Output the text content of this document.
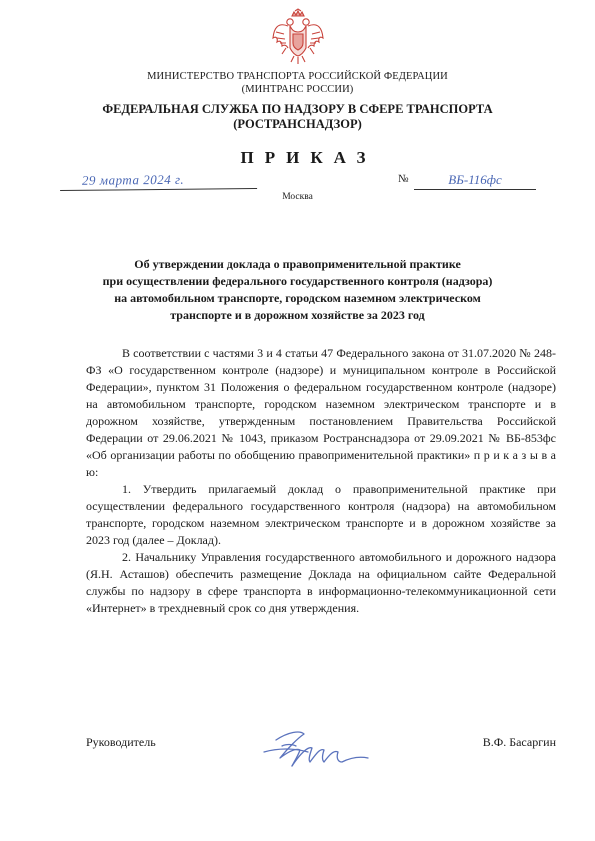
МИНИСТЕРСТВО ТРАНСПОРТА РОССИЙСКОЙ ФЕДЕРАЦИИ
(МИНТРАНС РОССИИ)
ФЕДЕРАЛЬНАЯ СЛУЖБА ПО НАДЗОРУ В СФЕРЕ ТРАНСПОРТА
(РОСТРАНСНАДЗОР)
ПРИКАЗ
29 марта 2024 г.	№	ВБ-116фс
Москва
Об утверждении доклада о правоприменительной практике
при осуществлении федерального государственного контроля (надзора)
на автомобильном транспорте, городском наземном электрическом
транспорте и в дорожном хозяйстве за 2023 год

В соответствии с частями 3 и 4 статьи 47 Федерального закона от 31.07.2020 № 248-ФЗ «О государственном контроле (надзоре) и муниципальном контроле в Российской Федерации», пунктом 31 Положения о федеральном государственном контроле (надзоре) на автомобильном транспорте, городском наземном электрическом транспорте и в дорожном хозяйстве, утвержденным постановлением Правительства Российской Федерации от 29.06.2021 № 1043, приказом Ространснадзора от 29.09.2021 № ВБ-853фс «Об организации работы по обобщению правоприменительной практики» п р и к а з ы в а ю:

1. Утвердить прилагаемый доклад о правоприменительной практике при осуществлении федерального государственного контроля (надзора) на автомобильном транспорте, городском наземном электрическом транспорте и в дорожном хозяйстве за 2023 год (далее – Доклад).

2. Начальнику Управления государственного автомобильного и дорожного надзора (Я.Н. Асташов) обеспечить размещение Доклада на официальном сайте Федеральной службы по надзору в сфере транспорта в информационно-телекоммуникационной сети «Интернет» в трехдневный срок со дня утверждения.

Руководитель	В.Ф. Басаргин
